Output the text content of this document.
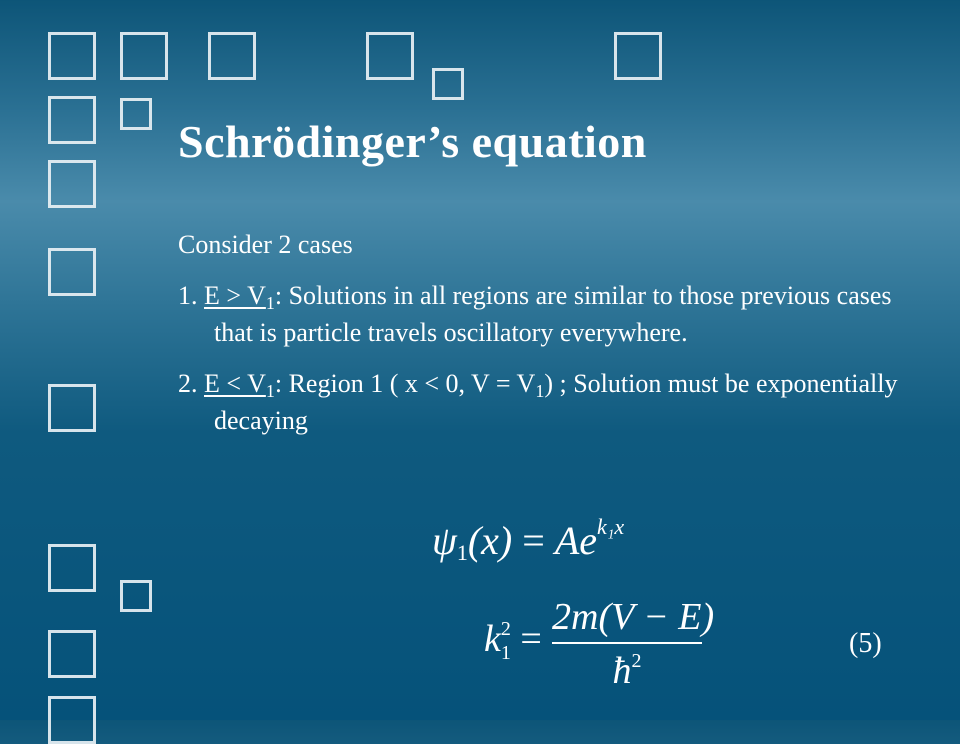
Schrödinger’s equation

Consider 2 cases

1. $E > V_1$: Solutions in all regions are similar to those previous cases that is particle travels oscillatory everywhere.

2. $E < V_1$: Region 1 ( x < 0, $V = V_1$) ; Solution must be exponentially decaying

$\psi 1(x) = Ae^{k_1x}$
$k^2_1$ =
2m(V − E)
$ħ^2$
(5)
